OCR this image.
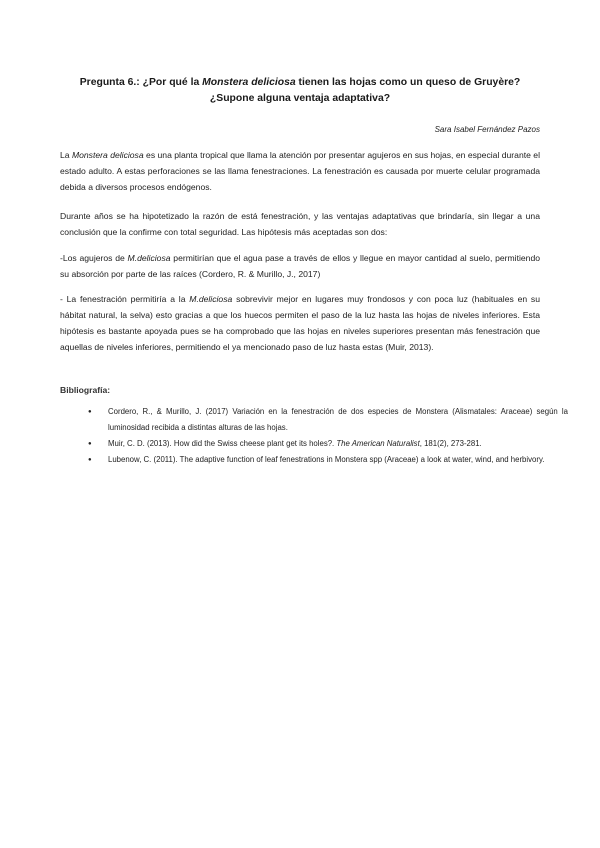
Pregunta 6.: ¿Por qué la Monstera deliciosa tienen las hojas como un queso de Gruyère?
¿Supone alguna ventaja adaptativa?
Sara Isabel Fernández Pazos
La Monstera deliciosa es una planta tropical que llama la atención por presentar agujeros en sus hojas, en especial durante el estado adulto. A estas perforaciones se las llama fenestraciones. La fenestración es causada por muerte celular programada debida a diversos procesos endógenos.
Durante años se ha hipotetizado la razón de está fenestración, y las ventajas adaptativas que brindaría, sin llegar a una conclusión que la confirme con total seguridad. Las hipótesis más aceptadas son dos:
-Los agujeros de M.deliciosa permitirían que el agua pase a través de ellos y llegue en mayor cantidad al suelo, permitiendo su absorción por parte de las raíces (Cordero, R. & Murillo, J., 2017)
- La fenestración permitiría a la M.deliciosa sobrevivir mejor en lugares muy frondosos y con poca luz (habituales en su hábitat natural, la selva) esto gracias a que los huecos permiten el paso de la luz hasta las hojas de niveles inferiores. Esta hipótesis es bastante apoyada pues se ha comprobado que las hojas en niveles superiores presentan más fenestración que aquellas de niveles inferiores, permitiendo el ya mencionado paso de luz hasta estas (Muir, 2013).
Bibliografía:
● Cordero, R., & Murillo, J. (2017) Variación en la fenestración de dos especies de Monstera (Alismatales: Araceae) según la luminosidad recibida a distintas alturas de las hojas.
● Muir, C. D. (2013). How did the Swiss cheese plant get its holes?. The American Naturalist, 181(2), 273-281.
● Lubenow, C. (2011). The adaptive function of leaf fenestrations in Monstera spp (Araceae) a look at water, wind, and herbivory.
